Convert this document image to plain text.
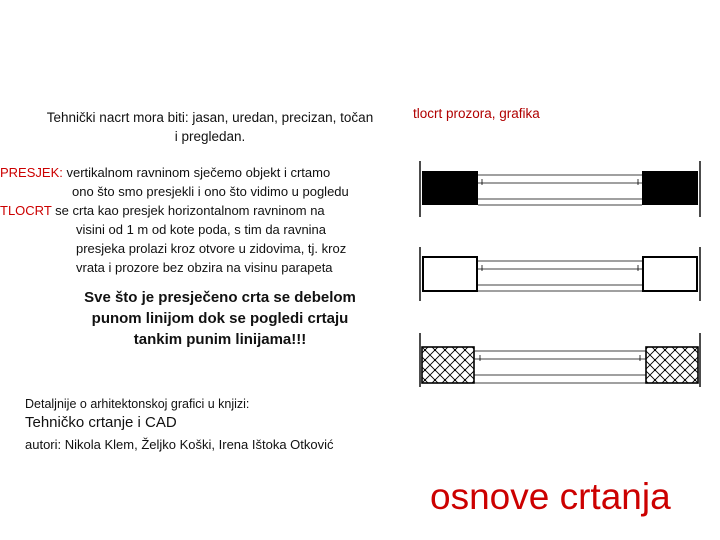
Tehnički nacrt mora biti: jasan, uredan, precizan, točan
i pregledan.
tlocrt prozora, grafika

PRESJEK: vertikalnom ravninom sječemo objekt i crtamo
ono što smo presjekli i ono što vidimo u pogledu

TLOCRT se crta kao presjek horizontalnom ravninom na
visini od 1 m od kote poda, s tim da ravnina
presjeka prolazi kroz otvore u zidovima, tj. kroz
vrata i prozore bez obzira na visinu parapeta

Sve što je presječeno crta se debelom punom linijom dok se pogledi crtaju tankim punim linijama!!!
Detaljnije o arhitektonskoj grafici u knjizi:
Tehničko crtanje i CAD
autori: Nikola Klem, Željko Koški, Irena Ištoka Otković
osnove crtanja
